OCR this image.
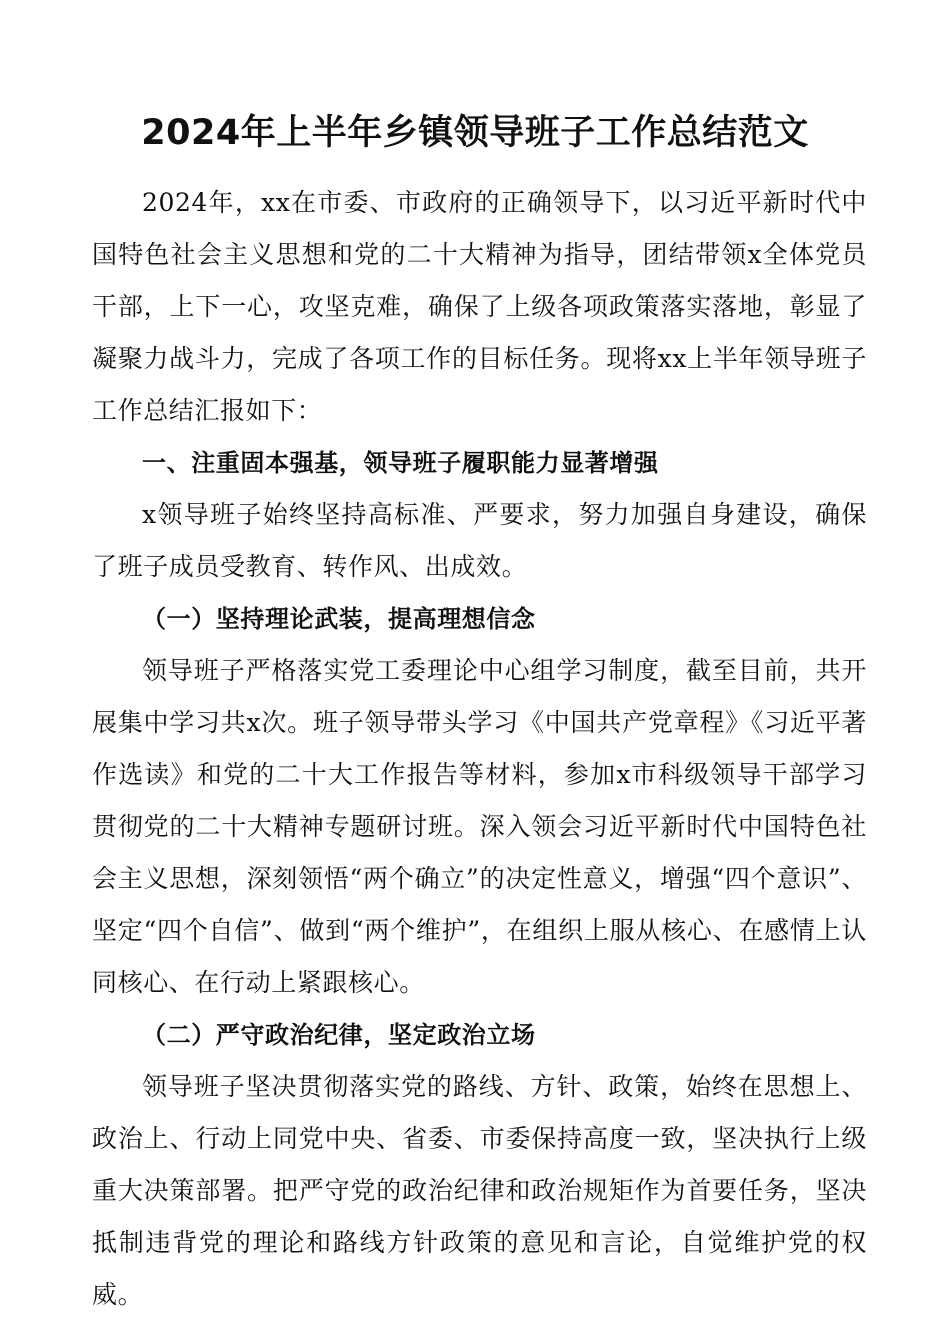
2024年上半年乡镇领导班子工作总结范文

2024年，xx在市委、市政府的正确领导下，以习近平新时代中国特色社会主义思想和党的二十大精神为指导，团结带领x全体党员干部，上下一心，攻坚克难，确保了上级各项政策落实落地，彰显了凝聚力战斗力，完成了各项工作的目标任务。现将xx上半年领导班子工作总结汇报如下：

一、注重固本强基，领导班子履职能力显著增强

x领导班子始终坚持高标准、严要求，努力加强自身建设，确保了班子成员受教育、转作风、出成效。

（一）坚持理论武装，提高理想信念

领导班子严格落实党工委理论中心组学习制度，截至目前，共开展集中学习共x次。班子领导带头学习《中国共产党章程》《习近平著作选读》和党的二十大工作报告等材料，参加x市科级领导干部学习贯彻党的二十大精神专题研讨班。深入领会习近平新时代中国特色社会主义思想，深刻领悟“两个确立”的决定性意义，增强“四个意识”、坚定“四个自信”、做到“两个维护”，在组织上服从核心、在感情上认同核心、在行动上紧跟核心。

（二）严守政治纪律，坚定政治立场

领导班子坚决贯彻落实党的路线、方针、政策，始终在思想上、政治上、行动上同党中央、省委、市委保持高度一致，坚决执行上级重大决策部署。把严守党的政治纪律和政治规矩作为首要任务，坚决抵制违背党的理论和路线方针政策的意见和言论，自觉维护党的权威。
